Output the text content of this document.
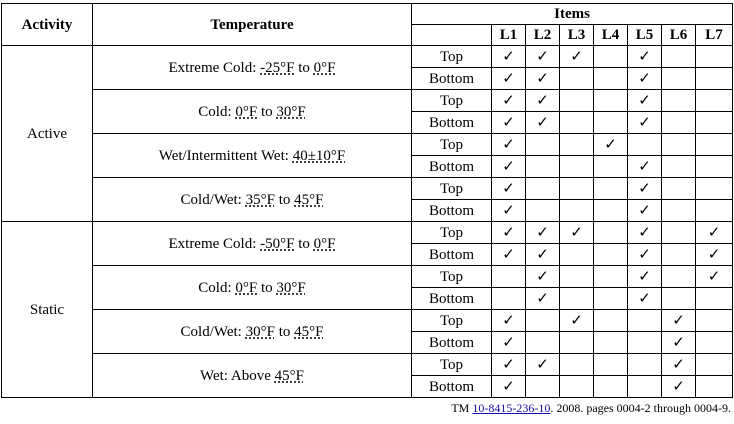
Activity	Temperature	Items							
			L1	L2	L3	L4	L5	L6	L7
Active	Extreme Cold: -25°F to 0°F	Top	✓	✓	✓		✓		
		Bottom	✓	✓			✓		
	Cold: 0°F to 30°F	Top	✓	✓			✓		
		Bottom	✓	✓			✓		
	Wet/Intermittent Wet: 40±10°F	Top	✓			✓			
		Bottom	✓				✓		
	Cold/Wet: 35°F to 45°F	Top	✓				✓		
		Bottom	✓				✓		
Static	Extreme Cold: -50°F to 0°F	Top	✓	✓	✓		✓		✓
		Bottom	✓	✓			✓		✓
	Cold: 0°F to 30°F	Top		✓			✓		✓
		Bottom		✓			✓		
	Cold/Wet: 30°F to 45°F	Top	✓		✓			✓	
		Bottom	✓					✓	
	Wet: Above 45°F	Top	✓	✓				✓	
		Bottom	✓					✓	
TM 10-8415-236-10. 2008. pages 0004-2 through 0004-9.
